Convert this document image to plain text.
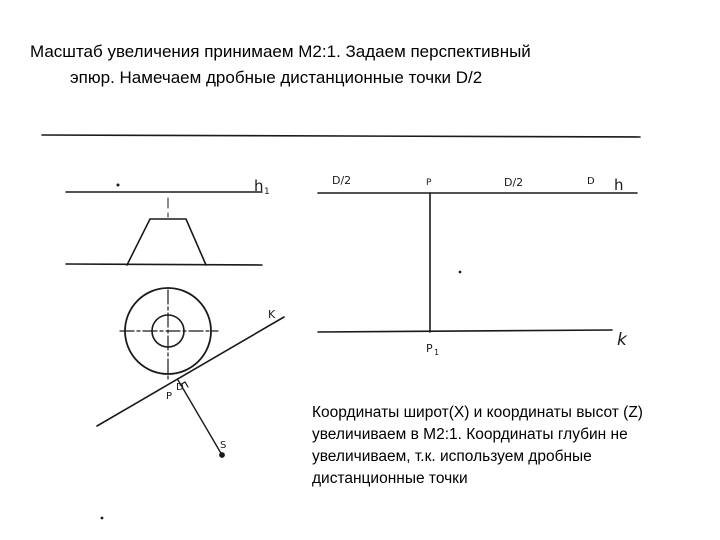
Масштаб увеличения принимаем М2:1. Задаем перспективный
эпюр. Намечаем дробные дистанционные точки D/2
h 1
K
P
D
S
D/2	P	D/2	D h
P 1
k
Координаты широт(X) и координаты высот (Z)
увеличиваем в М2:1. Координаты глубин не
увеличиваем, т.к. используем дробные
дистанционные точки
